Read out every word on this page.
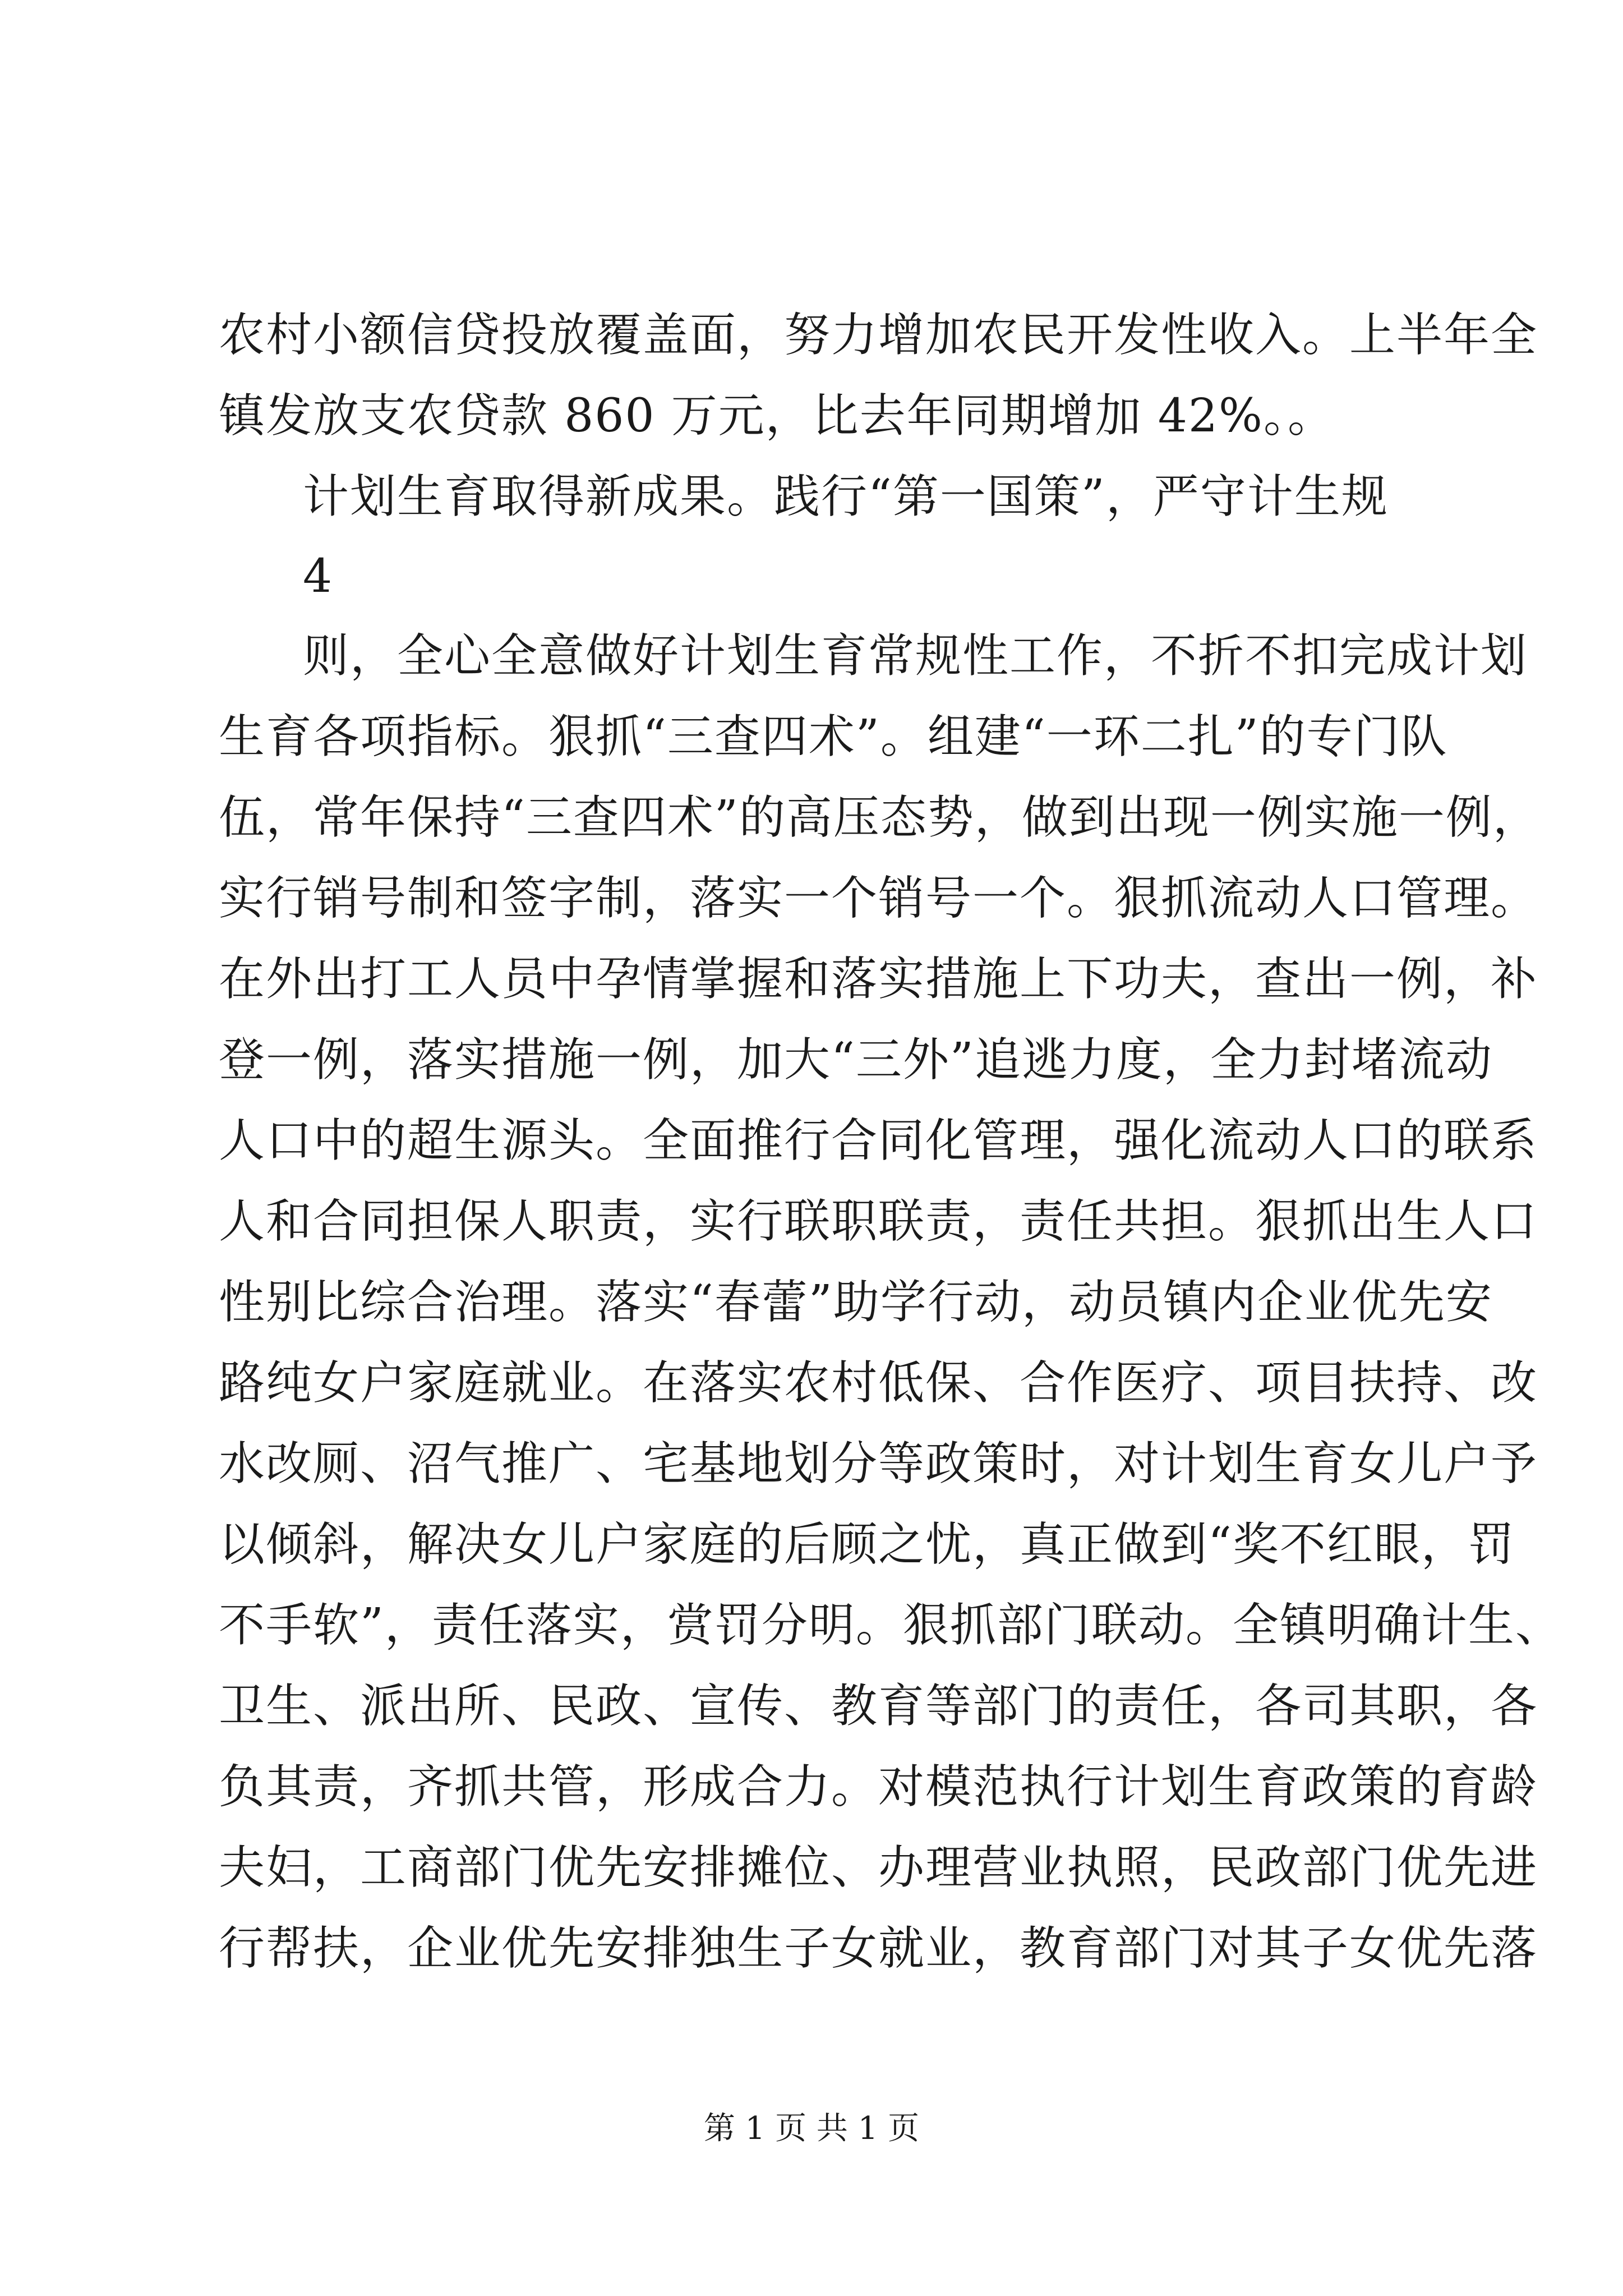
农村小额信贷投放覆盖面，努力增加农民开发性收入。上半年全
镇发放支农贷款 860 万元，比去年同期增加 42%。。
计划生育取得新成果。践行“第一国策”，严守计生规
4
则，全心全意做好计划生育常规性工作，不折不扣完成计划
生育各项指标。狠抓“三查四术”。组建“一环二扎”的专门队
伍，常年保持“三查四术”的高压态势，做到出现一例实施一例，
实行销号制和签字制，落实一个销号一个。狠抓流动人口管理。
在外出打工人员中孕情掌握和落实措施上下功夫，查出一例，补
登一例，落实措施一例，加大“三外”追逃力度，全力封堵流动
人口中的超生源头。全面推行合同化管理，强化流动人口的联系
人和合同担保人职责，实行联职联责，责任共担。狠抓出生人口
性别比综合治理。落实“春蕾”助学行动，动员镇内企业优先安
路纯女户家庭就业。在落实农村低保、合作医疗、项目扶持、改
水改厕、沼气推广、宅基地划分等政策时，对计划生育女儿户予
以倾斜，解决女儿户家庭的后顾之忧，真正做到“奖不红眼，罚
不手软”，责任落实，赏罚分明。狠抓部门联动。全镇明确计生、
卫生、派出所、民政、宣传、教育等部门的责任，各司其职，各
负其责，齐抓共管，形成合力。对模范执行计划生育政策的育龄
夫妇，工商部门优先安排摊位、办理营业执照，民政部门优先进
行帮扶，企业优先安排独生子女就业，教育部门对其子女优先落
第 1 页 共 1 页
